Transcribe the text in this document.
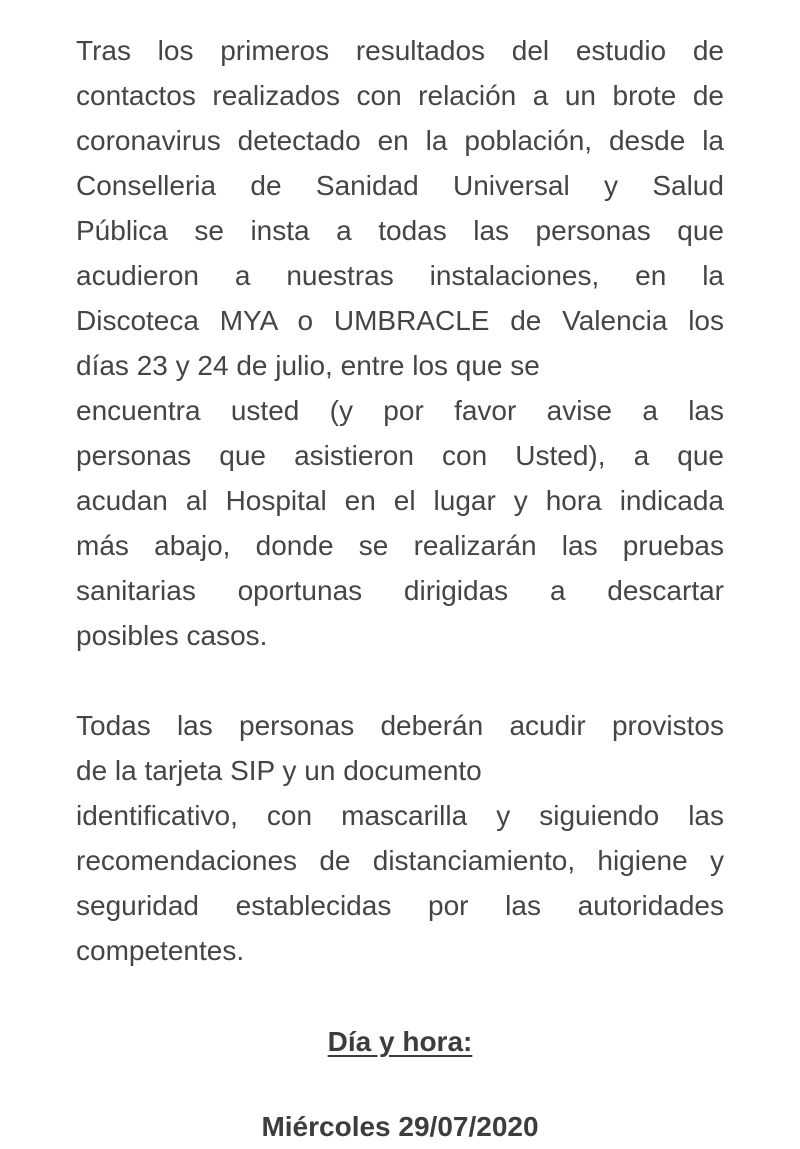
Tras los primeros resultados del estudio de
contactos realizados con relación a un brote de
coronavirus detectado en la población, desde la
Conselleria de Sanidad Universal y Salud
Pública se insta a todas las personas que
acudieron a nuestras instalaciones, en la
Discoteca MYA o UMBRACLE de Valencia los
días 23 y 24 de julio, entre los que se
encuentra usted (y por favor avise a las
personas que asistieron con Usted), a que
acudan al Hospital en el lugar y hora indicada
más abajo, donde se realizarán las pruebas
sanitarias oportunas dirigidas a descartar
posibles casos.
Todas las personas deberán acudir provistos
de la tarjeta SIP y un documento
identificativo, con mascarilla y siguiendo las
recomendaciones de distanciamiento, higiene y
seguridad establecidas por las autoridades
competentes.
Día y hora:
Miércoles 29/07/2020
